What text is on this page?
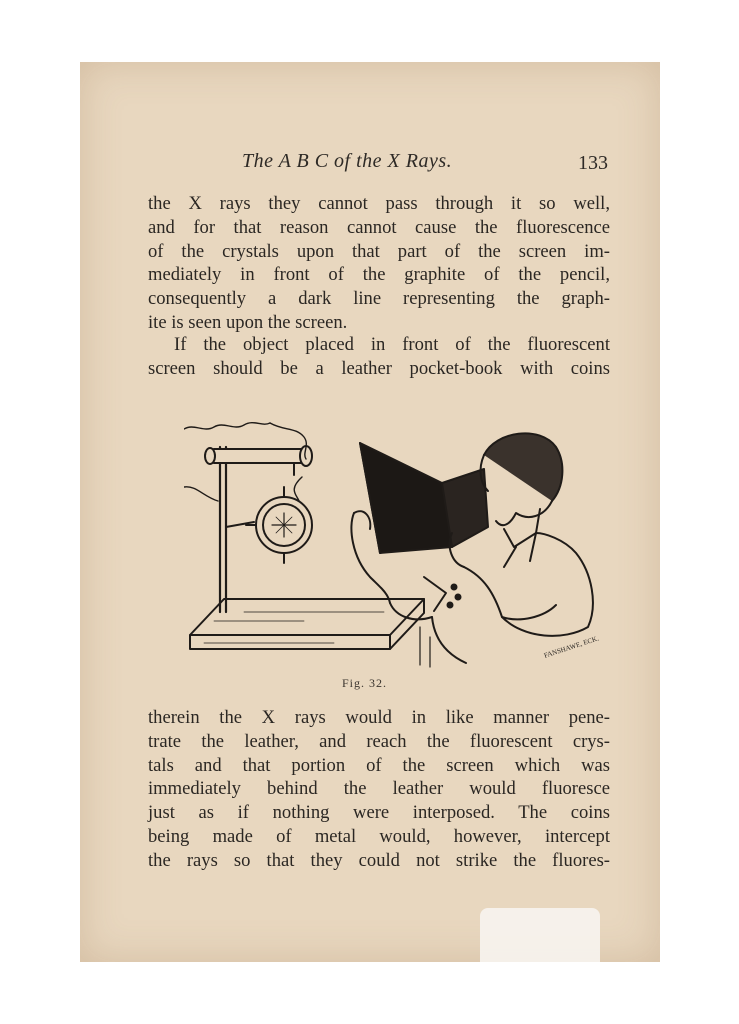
The A B C of the X Rays.	133
the X rays they cannot pass through it so well,
and for that reason cannot cause the fluorescence
of the crystals upon that part of the screen im-
mediately in front of the graphite of the pencil,
consequently a dark line representing the graph-
ite is seen upon the screen.
If the object placed in front of the fluorescent
screen should be a leather pocket-book with coins
FANSHAWE, ECK.
Fig. 32.
therein the X rays would in like manner pene-
trate the leather, and reach the fluorescent crys-
tals and that portion of the screen which was
immediately behind the leather would fluoresce
just as if nothing were interposed. The coins
being made of metal would, however, intercept
the rays so that they could not strike the fluores-
